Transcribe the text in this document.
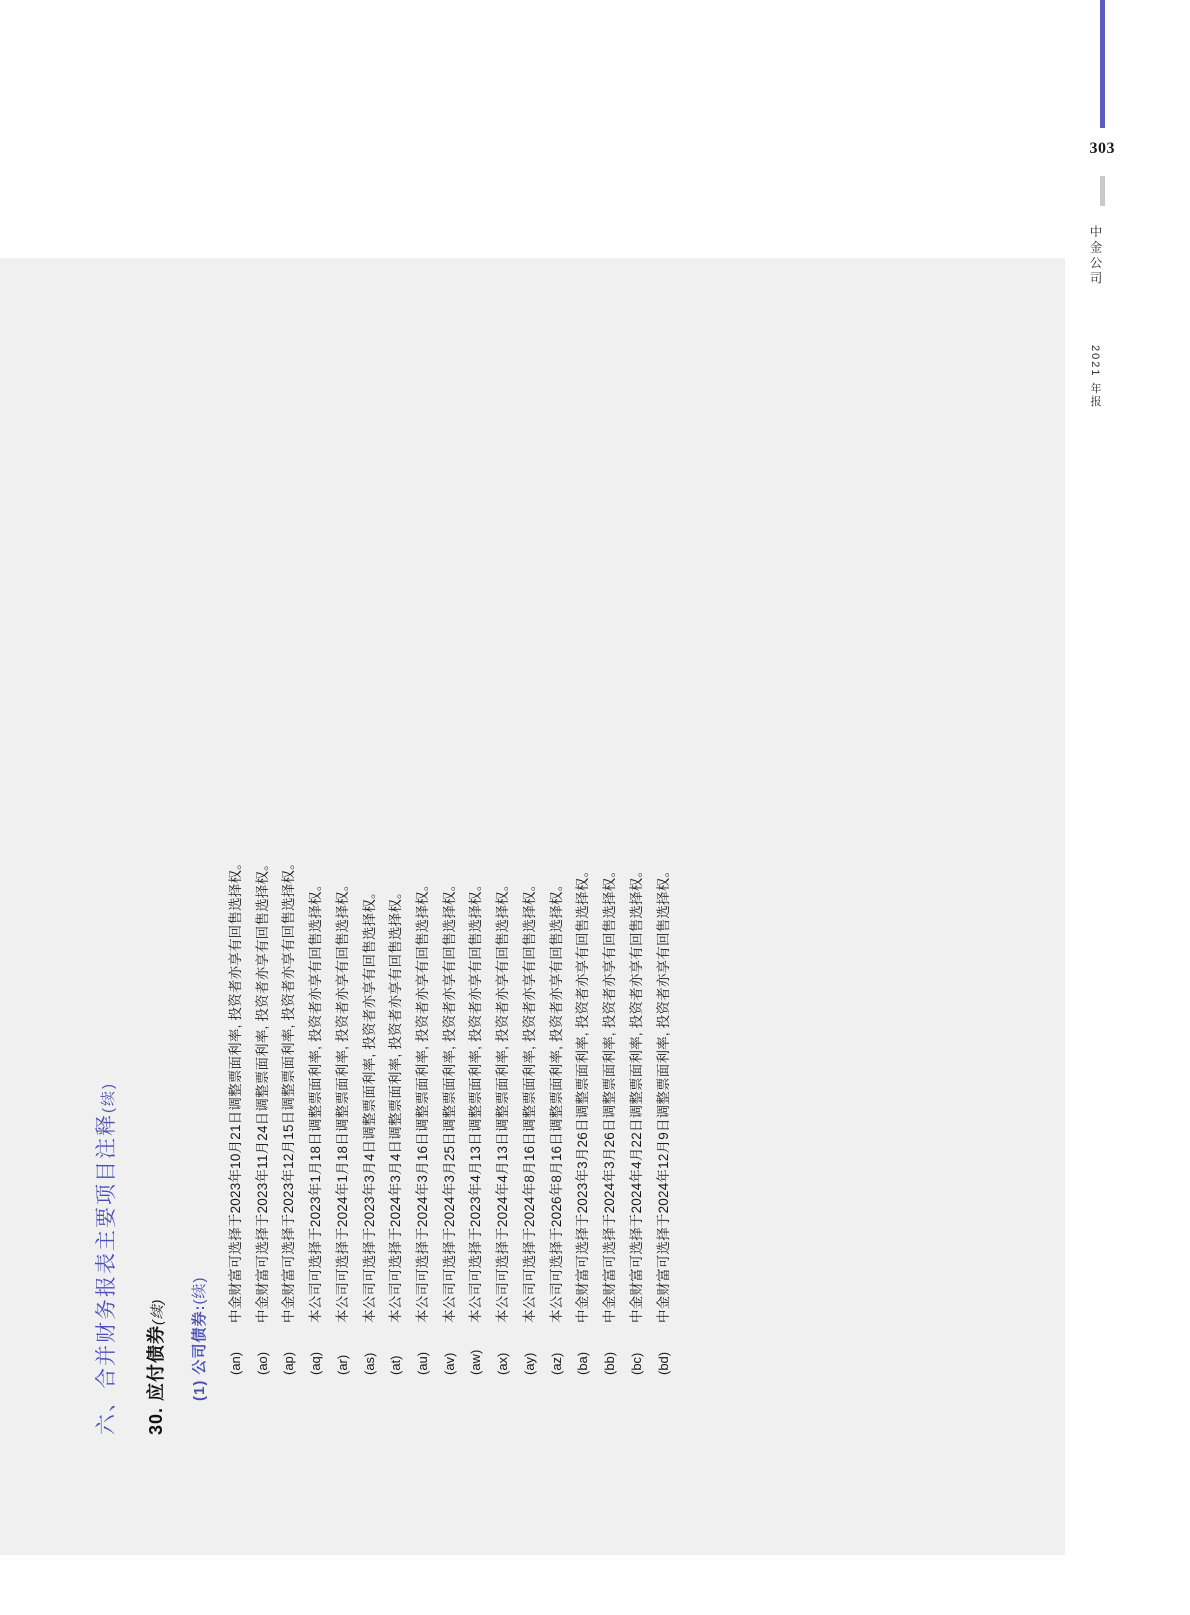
303
中金公司
2021 年报
六、合并财务报表主要项目注释(续)
30. 应付债券(续) (1) 公司债券:(续)
(an)
中金财富可选择于2023年10月21日调整票面利率, 投资者亦享有回售选择权。
(ao)
中金财富可选择于2023年11月24日调整票面利率, 投资者亦享有回售选择权。
(ap)
中金财富可选择于2023年12月15日调整票面利率, 投资者亦享有回售选择权。
(aq)
本公司可选择于2023年1月18日调整票面利率, 投资者亦享有回售选择权。
(ar)
本公司可选择于2024年1月18日调整票面利率, 投资者亦享有回售选择权。
(as)
本公司可选择于2023年3月4日调整票面利率, 投资者亦享有回售选择权。
(at)
本公司可选择于2024年3月4日调整票面利率, 投资者亦享有回售选择权。
(au)
本公司可选择于2024年3月16日调整票面利率, 投资者亦享有回售选择权。
(av)
本公司可选择于2024年3月25日调整票面利率, 投资者亦享有回售选择权。
(aw)
本公司可选择于2023年4月13日调整票面利率, 投资者亦享有回售选择权。
(ax)
本公司可选择于2024年4月13日调整票面利率, 投资者亦享有回售选择权。
(ay)
本公司可选择于2024年8月16日调整票面利率, 投资者亦享有回售选择权。
(az)
本公司可选择于2026年8月16日调整票面利率, 投资者亦享有回售选择权。
(ba)
中金财富可选择于2023年3月26日调整票面利率, 投资者亦享有回售选择权。
(bb)
中金财富可选择于2024年3月26日调整票面利率, 投资者亦享有回售选择权。
(bc)
中金财富可选择于2024年4月22日调整票面利率, 投资者亦享有回售选择权。
(bd)
中金财富可选择于2024年12月9日调整票面利率, 投资者亦享有回售选择权。
